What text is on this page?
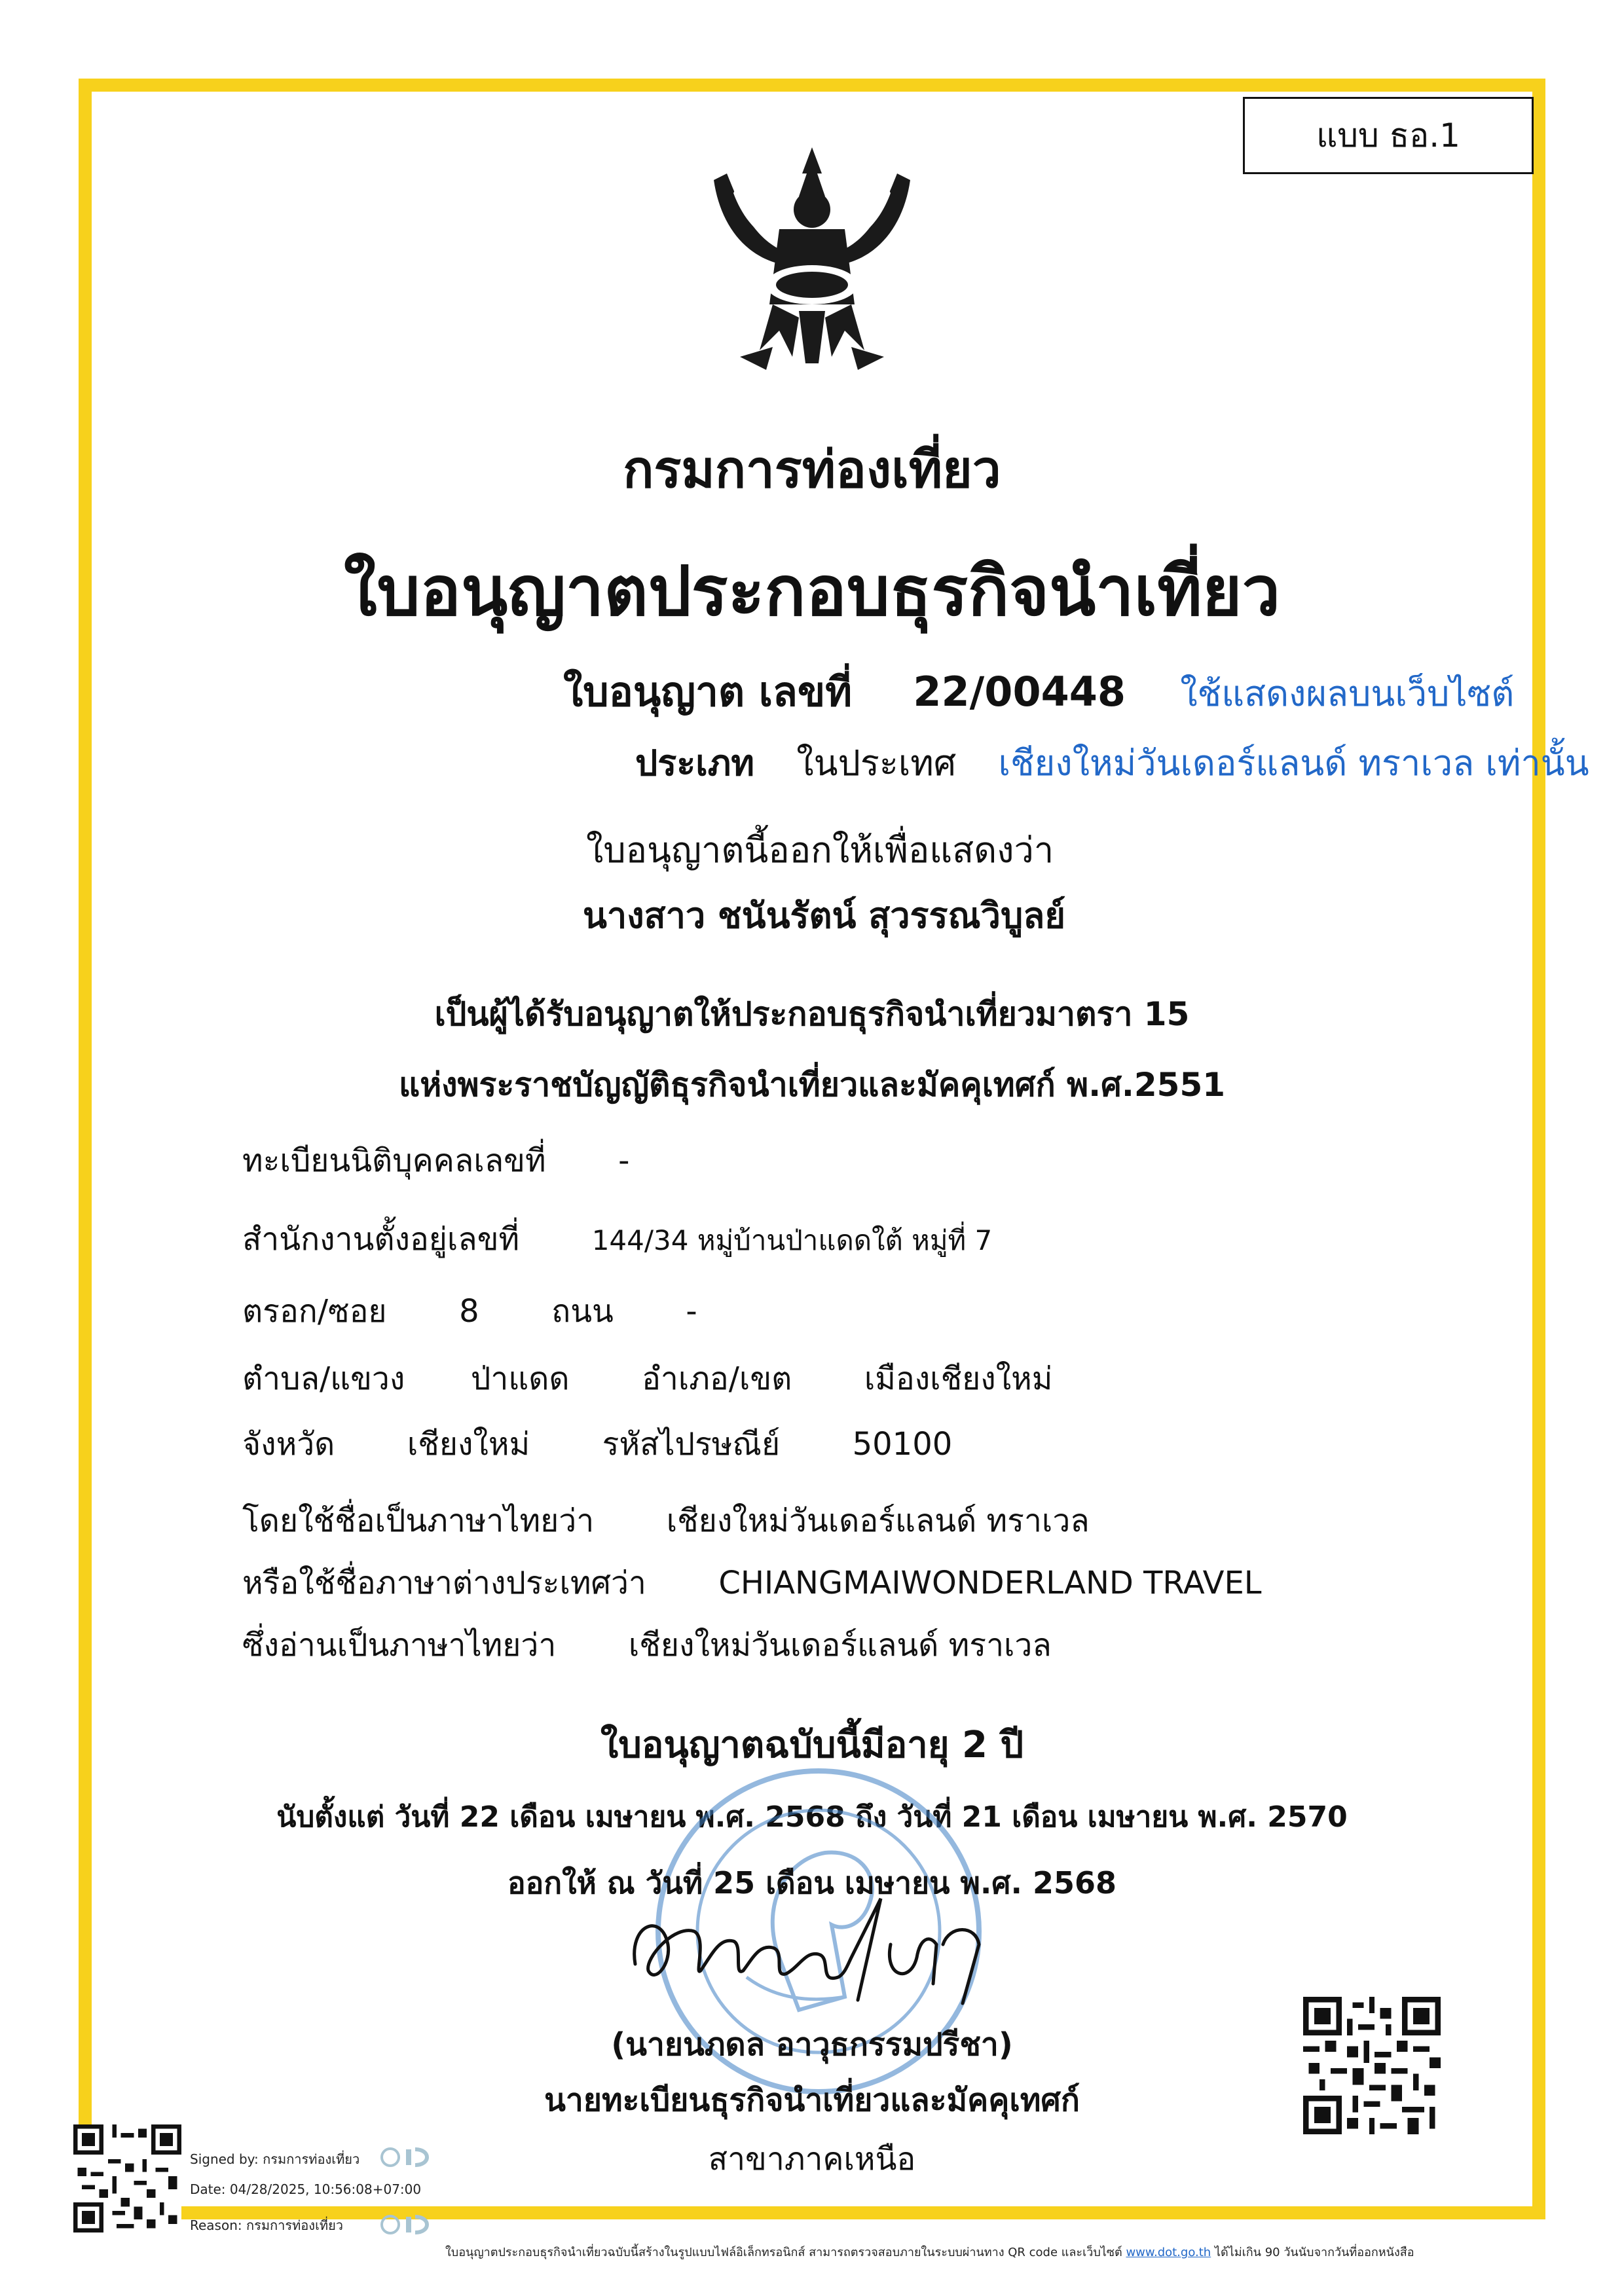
แบบ ธอ.1
กรมการท่องเที่ยว
ใบอนุญาตประกอบธุรกิจนำเที่ยว
ใบอนุญาต เลขที่ 22/00448 ใช้แสดงผลบนเว็บไซต์
ประเภท ในประเทศ เชียงใหม่วันเดอร์แลนด์ ทราเวล เท่านั้น
ใบอนุญาตนี้ออกให้เพื่อแสดงว่า
นางสาว ชนันรัตน์ สุวรรณวิบูลย์
เป็นผู้ได้รับอนุญาตให้ประกอบธุรกิจนำเที่ยวมาตรา 15
แห่งพระราชบัญญัติธุรกิจนำเที่ยวและมัคคุเทศก์ พ.ศ.2551
ทะเบียนนิติบุคคลเลขที่ -
สำนักงานตั้งอยู่เลขที่	144/34 หมู่บ้านป่าแดดใต้ หมู่ที่ 7
ตรอก/ซอย 8 ถนน -
ตำบล/แขวง ป่าแดด อำเภอ/เขต เมืองเชียงใหม่
จังหวัด เชียงใหม่ รหัสไปรษณีย์ 50100
โดยใช้ชื่อเป็นภาษาไทยว่า เชียงใหม่วันเดอร์แลนด์ ทราเวล
หรือใช้ชื่อภาษาต่างประเทศว่า CHIANGMAIWONDERLAND TRAVEL
ซึ่งอ่านเป็นภาษาไทยว่า เชียงใหม่วันเดอร์แลนด์ ทราเวล
ใบอนุญาตฉบับนี้มีอายุ 2 ปี
นับตั้งแต่ วันที่ 22 เดือน เมษายน พ.ศ. 2568 ถึง วันที่ 21 เดือน เมษายน พ.ศ. 2570
ออกให้ ณ วันที่ 25 เดือน เมษายน พ.ศ. 2568
(นายนภดล อาวุธกรรมปรีชา)
นายทะเบียนธุรกิจนำเที่ยวและมัคคุเทศก์
สาขาภาคเหนือ
Signed by: กรมการท่องเที่ยว
Date: 04/28/2025, 10:56:08+07:00
Reason: กรมการท่องเที่ยว
ใบอนุญาตประกอบธุรกิจนำเที่ยวฉบับนี้สร้างในรูปแบบไฟล์อิเล็กทรอนิกส์ สามารถตรวจสอบภายในระบบผ่านทาง QR code และเว็บไซต์ www.dot.go.th ได้ไม่เกิน 90 วันนับจากวันที่ออกหนังสือ
